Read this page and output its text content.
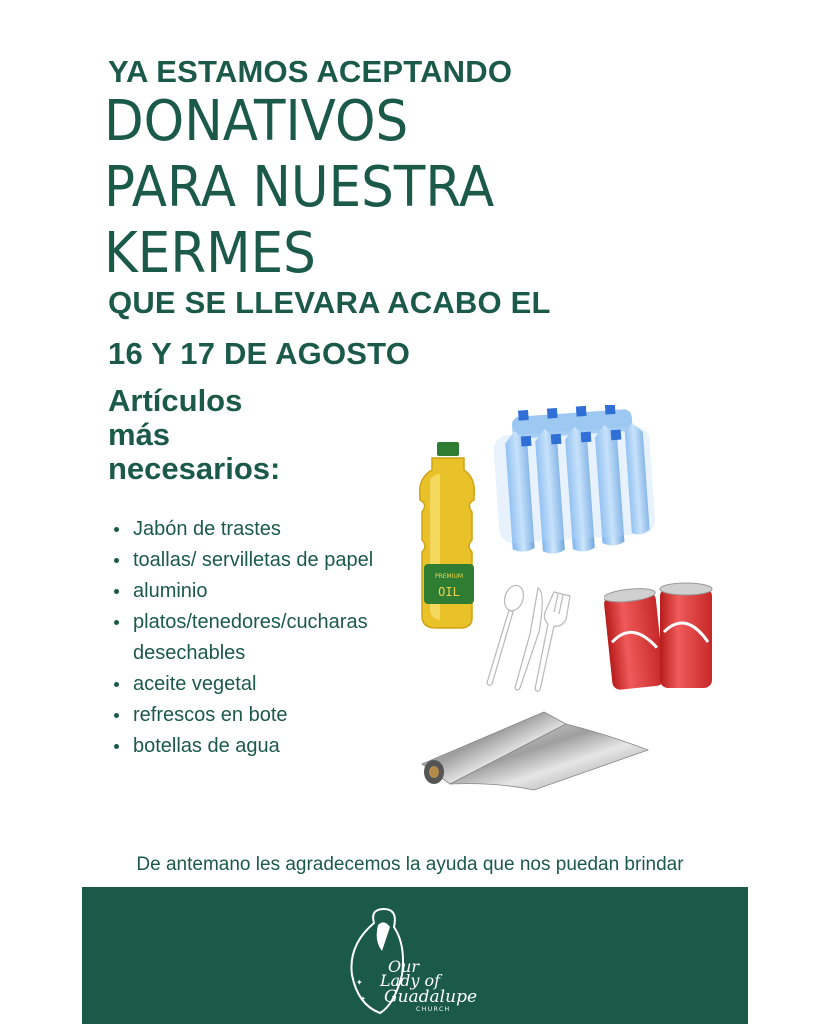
YA ESTAMOS ACEPTANDO
DONATIVOS
PARA NUESTRA
KERMES
QUE SE LLEVARA ACABO EL
16 Y 17 DE AGOSTO
Artículos
más
necesarios:
Jabón de trastes
toallas/ servilletas de papel
aluminio
platos/tenedores/cucharas desechables
aceite vegetal
refrescos en bote
botellas de agua
PREMIUM
OIL
De antemano les agradecemos la ayuda que nos puedan brindar
✦
✦
Our
Lady of
Guadalupe
CHURCH
